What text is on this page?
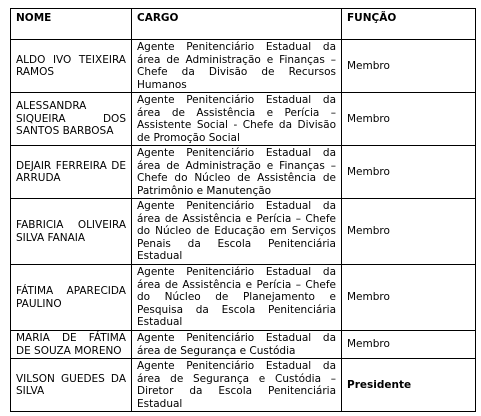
NOME	CARGO	FUNÇÃO
ALDO IVO TEIXEIRA RAMOS	Agente Penitenciário Estadual da área de Administração e Finanças – Chefe da Divisão de Recursos Humanos	Membro
ALESSANDRA SIQUEIRA DOS SANTOS BARBOSA	Agente Penitenciário Estadual da área de Assistência e Perícia – Assistente Social - Chefe da Divisão de Promoção Social	Membro
DEJAIR FERREIRA DE ARRUDA	Agente Penitenciário Estadual da área de Administração e Finanças – Chefe do Núcleo de Assistência de Patrimônio e Manutenção	Membro
FABRICIA OLIVEIRA SILVA FANAIA	Agente Penitenciário Estadual da área de Assistência e Perícia – Chefe do Núcleo de Educação em Serviços Penais da Escola Penitenciária Estadual	Membro
FÁTIMA APARECIDA PAULINO	Agente Penitenciário Estadual da área de Assistência e Perícia – Chefe do Núcleo de Planejamento e Pesquisa da Escola Penitenciária Estadual	Membro
MARIA DE FÁTIMA DE SOUZA MORENO	Agente Penitenciário Estadual da área de Segurança e Custódia	Membro
VILSON GUEDES DA SILVA	Agente Penitenciário Estadual da área de Segurança e Custódia – Diretor da Escola Penitenciária Estadual	Presidente
